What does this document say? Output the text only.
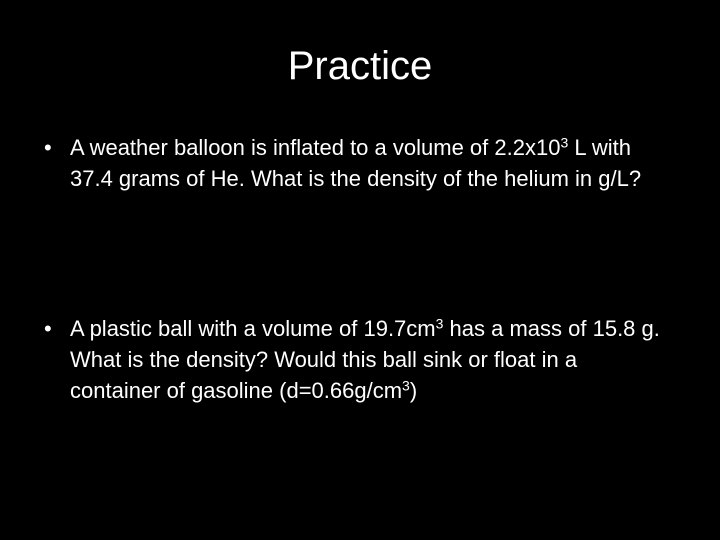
Practice
• A weather balloon is inflated to a volume of $2.2x10^3$ L with 37.4 grams of He. What is the density of the helium in g/L?
• A plastic ball with a volume of $19.7cm^3$ has a mass of 15.8 g. What is the density? Would this ball sink or float in a container of gasoline $(d=0.66g/cm^3)$
